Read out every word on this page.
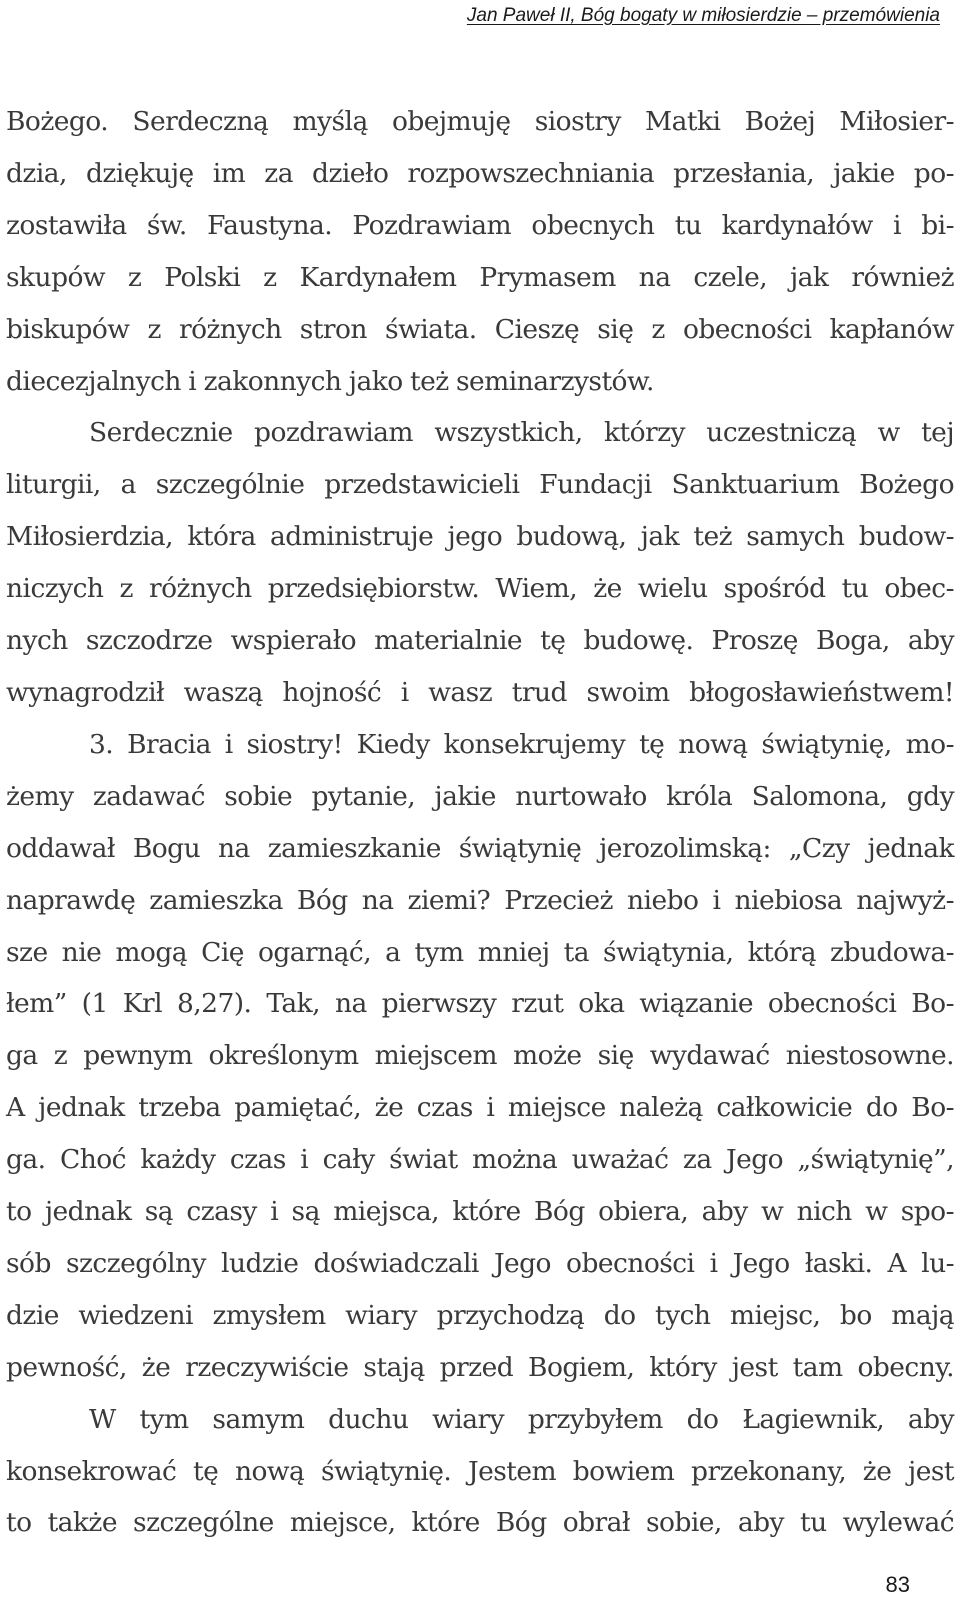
Jan Paweł II, Bóg bogaty w miłosierdzie – przemówienia

Bożego. Serdeczną myślą obejmuję siostry Matki Bożej Miłosier-
dzia, dziękuję im za dzieło rozpowszechniania przesłania, jakie po-
zostawiła św. Faustyna. Pozdrawiam obecnych tu kardynałów i bi-
skupów z Polski z Kardynałem Prymasem na czele, jak również
biskupów z różnych stron świata. Cieszę się z obecności kapłanów
diecezjalnych i zakonnych jako też seminarzystów.
Serdecznie pozdrawiam wszystkich, którzy uczestniczą w tej
liturgii, a szczególnie przedstawicieli Fundacji Sanktuarium Bożego
Miłosierdzia, która administruje jego budową, jak też samych budow-
niczych z różnych przedsiębiorstw. Wiem, że wielu spośród tu obec-
nych szczodrze wspierało materialnie tę budowę. Proszę Boga, aby
wynagrodził waszą hojność i wasz trud swoim błogosławieństwem!
3. Bracia i siostry! Kiedy konsekrujemy tę nową świątynię, mo-
żemy zadawać sobie pytanie, jakie nurtowało króla Salomona, gdy
oddawał Bogu na zamieszkanie świątynię jerozolimską: „Czy jednak
naprawdę zamieszka Bóg na ziemi? Przecież niebo i niebiosa najwyż-
sze nie mogą Cię ogarnąć, a tym mniej ta świątynia, którą zbudowa-
łem” (1 Krl 8,27). Tak, na pierwszy rzut oka wiązanie obecności Bo-
ga z pewnym określonym miejscem może się wydawać niestosowne.
A jednak trzeba pamiętać, że czas i miejsce należą całkowicie do Bo-
ga. Choć każdy czas i cały świat można uważać za Jego „świątynię”,
to jednak są czasy i są miejsca, które Bóg obiera, aby w nich w spo-
sób szczególny ludzie doświadczali Jego obecności i Jego łaski. A lu-
dzie wiedzeni zmysłem wiary przychodzą do tych miejsc, bo mają
pewność, że rzeczywiście stają przed Bogiem, który jest tam obecny.
W tym samym duchu wiary przybyłem do Łagiewnik, aby
konsekrować tę nową świątynię. Jestem bowiem przekonany, że jest
to także szczególne miejsce, które Bóg obrał sobie, aby tu wylewać

83
